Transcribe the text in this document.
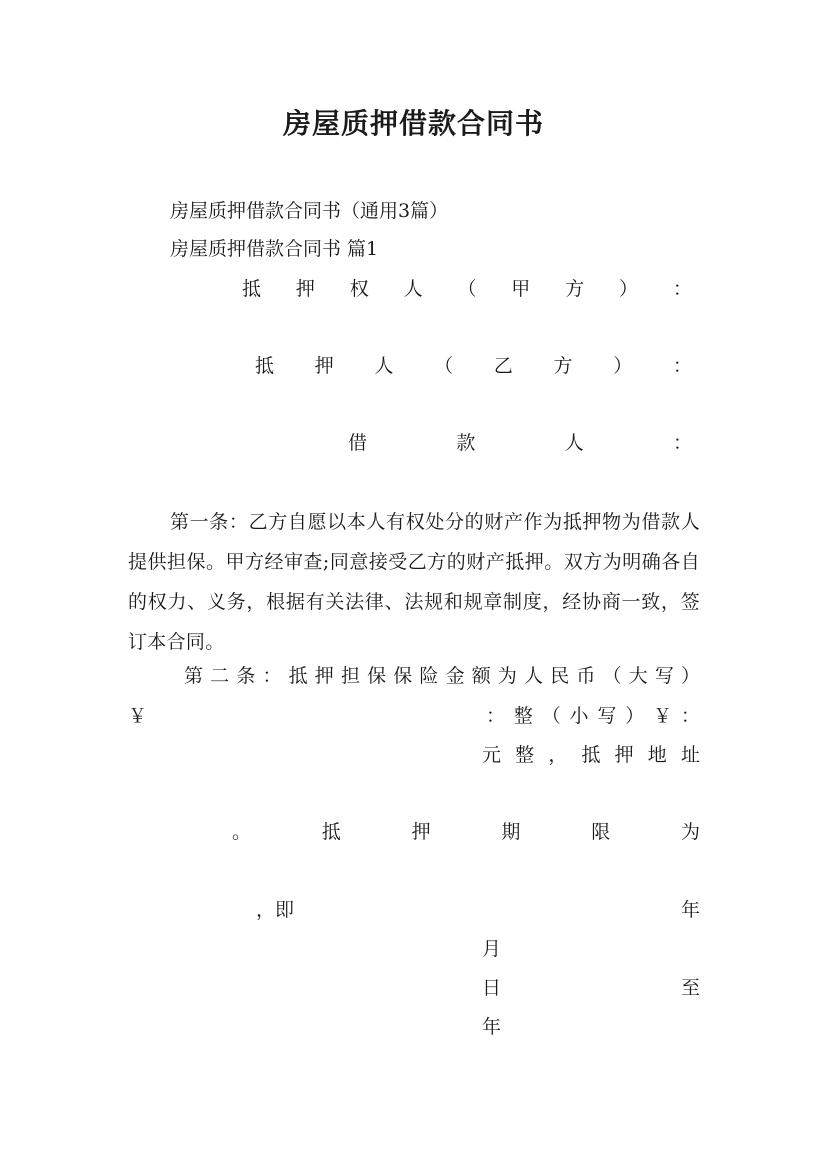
房屋质押借款合同书
房屋质押借款合同书（通用3篇）
房屋质押借款合同书 篇1
抵 押 权 人 （ 甲 方 ） ：
抵 押 人 （ 乙 方 ） ：
借	款	人	：
第一条：乙方自愿以本人有权处分的财产作为抵押物为借款人提供担保。甲方经审查;同意接受乙方的财产抵押。双方为明确各自的权力、义务，根据有关法律、法规和规章制度，经协商一致，签订本合同。
第 二 条 ： 抵 押 担 保 保 险 金 额 为 人 民 币 （ 大 写 ）
￥	： 整 （ 小 写 ） ￥ ：
元 整 ， 抵 押 地 址
。	抵	押	期	限	为
，即	年
月
日	至
年
